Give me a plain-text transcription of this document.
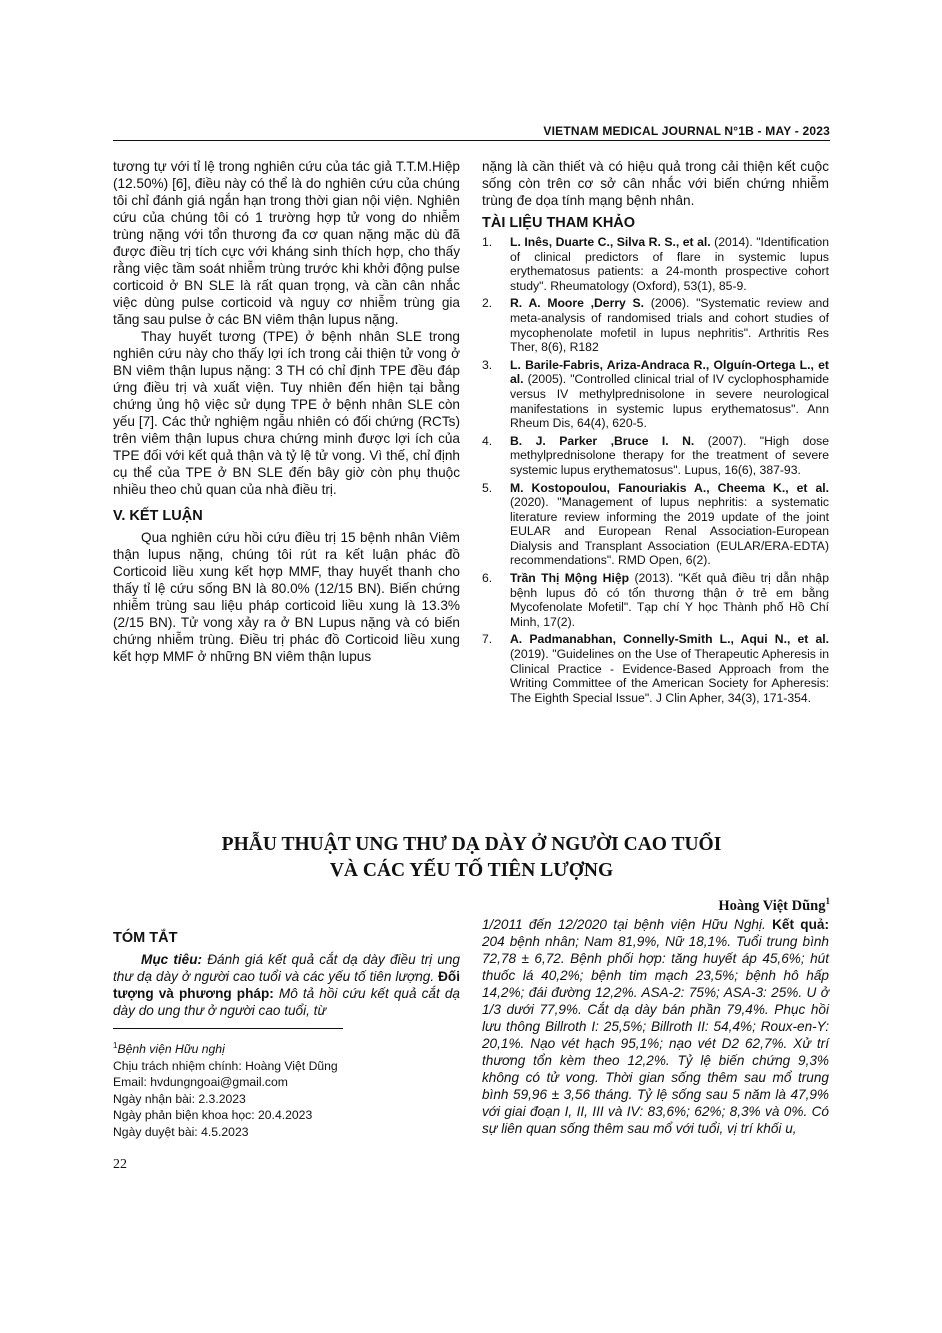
VIETNAM MEDICAL JOURNAL N°1B - MAY - 2023

tương tự với tỉ lệ trong nghiên cứu của tác giả T.T.M.Hiệp (12.50%) [6], điều này có thể là do nghiên cứu của chúng tôi chỉ đánh giá ngắn hạn trong thời gian nội viện. Nghiên cứu của chúng tôi có 1 trường hợp tử vong do nhiễm trùng nặng với tổn thương đa cơ quan nặng mặc dù đã được điều trị tích cực với kháng sinh thích hợp, cho thấy rằng việc tầm soát nhiễm trùng trước khi khởi động pulse corticoid ở BN SLE là rất quan trọng, và cần cân nhắc việc dùng pulse corticoid và nguy cơ nhiễm trùng gia tăng sau pulse ở các BN viêm thận lupus nặng.

Thay huyết tương (TPE) ở bệnh nhân SLE trong nghiên cứu này cho thấy lợi ích trong cải thiện tử vong ở BN viêm thận lupus nặng: 3 TH có chỉ định TPE đều đáp ứng điều trị và xuất viện. Tuy nhiên đến hiện tại bằng chứng ủng hộ việc sử dụng TPE ở bệnh nhân SLE còn yếu [7]. Các thử nghiệm ngẫu nhiên có đối chứng (RCTs) trên viêm thận lupus chưa chứng minh được lợi ích của TPE đối với kết quả thận và tỷ lệ tử vong. Vì thế, chỉ định cụ thể của TPE ở BN SLE đến bây giờ còn phụ thuộc nhiều theo chủ quan của nhà điều trị.

V. KẾT LUẬN

Qua nghiên cứu hồi cứu điều trị 15 bệnh nhân Viêm thận lupus nặng, chúng tôi rút ra kết luận phác đồ Corticoid liều xung kết hợp MMF, thay huyết thanh cho thấy tỉ lệ cứu sống BN là 80.0% (12/15 BN). Biến chứng nhiễm trùng sau liệu pháp corticoid liều xung là 13.3% (2/15 BN). Tử vong xảy ra ở BN Lupus nặng và có biến chứng nhiễm trùng. Điều trị phác đồ Corticoid liều xung kết hợp MMF ở những BN viêm thận lupus

nặng là cần thiết và có hiệu quả trong cải thiện kết cuộc sống còn trên cơ sở cân nhắc với biến chứng nhiễm trùng đe dọa tính mạng bệnh nhân.

TÀI LIỆU THAM KHẢO
1.	L. Inês, Duarte C., Silva R. S., et al. (2014). "Identification of clinical predictors of flare in systemic lupus erythematosus patients: a 24-month prospective cohort study". Rheumatology (Oxford), 53(1), 85-9.
2.	R. A. Moore ,Derry S. (2006). "Systematic review and meta-analysis of randomised trials and cohort studies of mycophenolate mofetil in lupus nephritis". Arthritis Res Ther, 8(6), R182
3.	L. Barile-Fabris, Ariza-Andraca R., Olguín-Ortega L., et al. (2005). "Controlled clinical trial of IV cyclophosphamide versus IV methylprednisolone in severe neurological manifestations in systemic lupus erythematosus". Ann Rheum Dis, 64(4), 620-5.
4.	B. J. Parker ,Bruce I. N. (2007). "High dose methylprednisolone therapy for the treatment of severe systemic lupus erythematosus". Lupus, 16(6), 387-93.
5.	M. Kostopoulou, Fanouriakis A., Cheema K., et al. (2020). "Management of lupus nephritis: a systematic literature review informing the 2019 update of the joint EULAR and European Renal Association-European Dialysis and Transplant Association (EULAR/ERA-EDTA) recommendations". RMD Open, 6(2).
6.	Trần Thị Mộng Hiệp (2013). "Kết quả điều trị dẫn nhập bệnh lupus đỏ có tổn thương thận ở trẻ em bằng Mycofenolate Mofetil". Tạp chí Y học Thành phố Hồ Chí Minh, 17(2).
7.	A. Padmanabhan, Connelly-Smith L., Aqui N., et al. (2019). "Guidelines on the Use of Therapeutic Apheresis in Clinical Practice - Evidence-Based Approach from the Writing Committee of the American Society for Apheresis: The Eighth Special Issue". J Clin Apher, 34(3), 171-354.
PHẪU THUẬT UNG THƯ DẠ DÀY Ở NGƯỜI CAO TUỔI
VÀ CÁC YẾU TỐ TIÊN LƯỢNG
Hoàng Việt Dũng$^1$
TÓM TẮT

Mục tiêu: Đánh giá kết quả cắt dạ dày điều trị ung thư dạ dày ở người cao tuổi và các yếu tố tiên lượng. Đối tượng và phương pháp: Mô tả hồi cứu kết quả cắt dạ dày do ung thư ở người cao tuổi, từ

1/2011 đến 12/2020 tại bệnh viện Hữu Nghị. Kết quả: 204 bệnh nhân; Nam 81,9%, Nữ 18,1%. Tuổi trung bình 72,78 ± 6,72. Bệnh phối hợp: tăng huyết áp 45,6%; hút thuốc lá 40,2%; bệnh tim mạch 23,5%; bệnh hô hấp 14,2%; đái đường 12,2%. ASA-2: 75%; ASA-3: 25%. U ở 1/3 dưới 77,9%. Cắt dạ dày bán phần 79,4%. Phục hồi lưu thông Billroth I: 25,5%; Billroth II: 54,4%; Roux-en-Y: 20,1%. Nạo vét hạch 95,1%; nạo vét D2 62,7%. Xử trí thương tổn kèm theo 12,2%. Tỷ lệ biến chứng 9,3% không có tử vong. Thời gian sống thêm sau mổ trung bình 59,96 ± 3,56 tháng. Tỷ lệ sống sau 5 năm là 47,9% với giai đoạn I, II, III và IV: 83,6%; 62%; 8,3% và 0%. Có sự liên quan sống thêm sau mổ với tuổi, vị trí khối u,

$^1$Bệnh viện Hữu nghị
Chịu trách nhiệm chính: Hoàng Việt Dũng
Email: hvdungngoai@gmail.com
Ngày nhận bài: 2.3.2023
Ngày phản biện khoa học: 20.4.2023
Ngày duyệt bài: 4.5.2023
22
